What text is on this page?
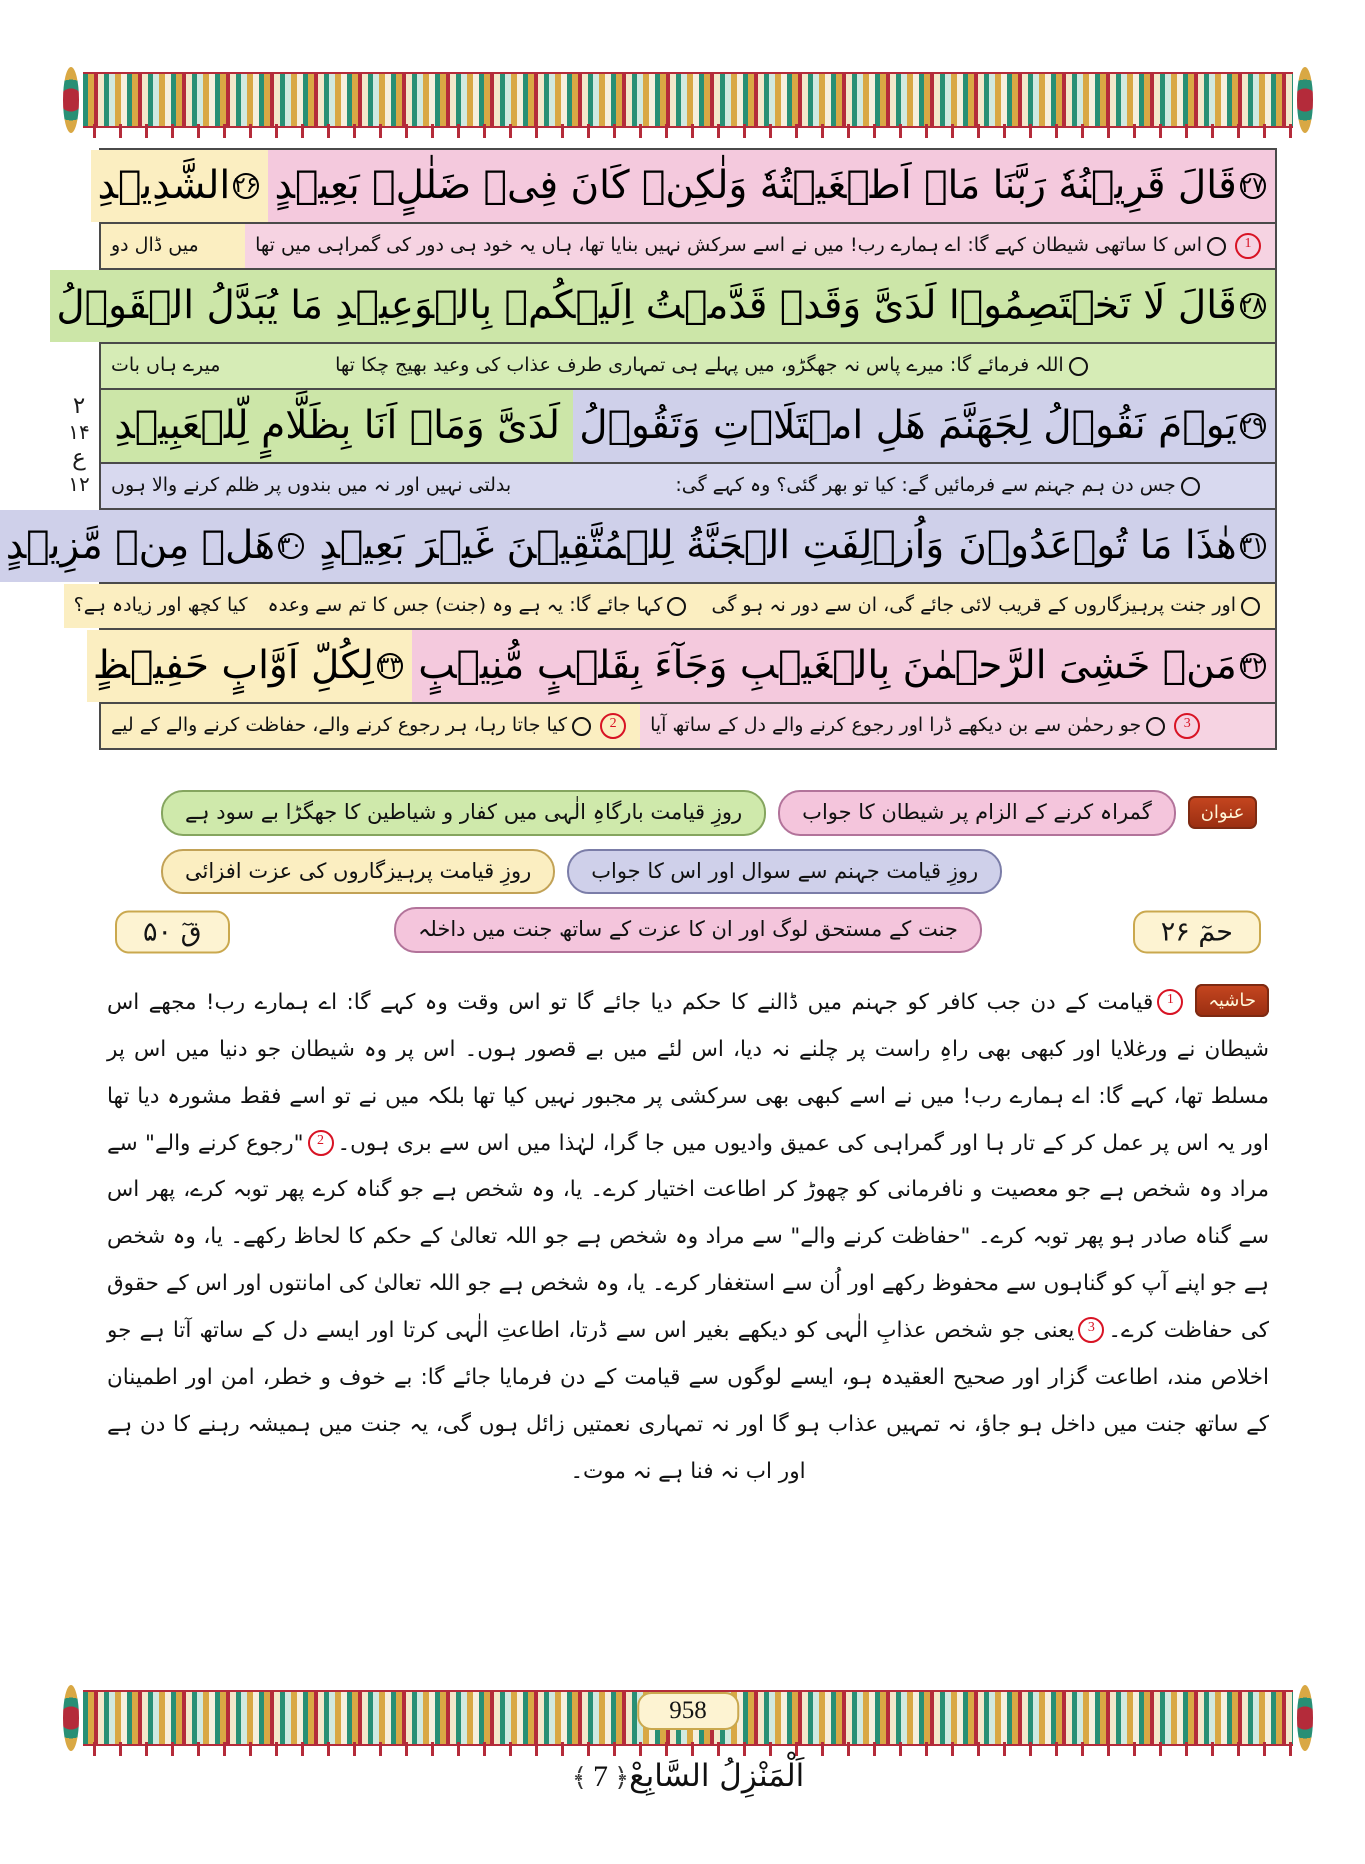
حمٓ ۲۶
قٓ ۵۰
۲
۱۴
ع
۱۲
۲۷
قَالَ قَرِيۡنُهٗ رَبَّنَا مَاۤ اَطۡغَيۡتُهٗ وَلٰكِنۡ كَانَ فِىۡ ضَلٰلٍۢ بَعِيۡدٍ
۲۶
الشَّدِيۡدِ
1
اس کا ساتھی شیطان کہے گا: اے ہمارے رب! میں نے اسے سرکش نہیں بنایا تھا، ہاں یہ خود ہی دور کی گمراہی میں تھا
میں ڈال دو
۲۸
قَالَ لَا تَخۡتَصِمُوۡا لَدَىَّ وَقَدۡ قَدَّمۡتُ اِلَيۡكُمۡ بِالۡوَعِيۡدِ
مَا يُبَدَّلُ الۡقَوۡلُ
اللہ فرمائے گا: میرے پاس نہ جھگڑو، میں پہلے ہی تمہاری طرف عذاب کی وعید بھیج چکا تھا
میرے ہاں بات
۲۹
يَوۡمَ نَقُوۡلُ لِجَهَنَّمَ هَلِ امۡتَلَاۡتِ وَتَقُوۡلُ
لَدَىَّ وَمَاۤ اَنَا بِظَلَّامٍ لِّلۡعَبِيۡدِ
جس دن ہم جہنم سے فرمائیں گے: کیا تو بھر گئی؟ وہ کہے گی:
بدلتی نہیں اور نہ میں بندوں پر ظلم کرنے والا ہوں
۳۱
هٰذَا مَا تُوۡعَدُوۡنَ
وَاُزۡلِفَتِ الۡجَنَّةُ لِلۡمُتَّقِيۡنَ غَيۡرَ بَعِيۡدٍ
۳۰
هَلۡ مِنۡ مَّزِيۡدٍ
اور جنت پرہیزگاروں کے قریب لائی جائے گی، ان سے دور نہ ہو گی
کہا جائے گا: یہ ہے وہ (جنت) جس کا تم سے وعدہ
کیا کچھ اور زیادہ ہے؟
۳۲
مَنۡ خَشِىَ الرَّحۡمٰنَ بِالۡغَيۡبِ وَجَآءَ بِقَلۡبٍ مُّنِيۡبٍ
۳۳
لِكُلِّ اَوَّابٍ حَفِيۡظٍ
3
جو رحمٰن سے بن دیکھے ڈرا اور رجوع کرنے والے دل کے ساتھ آیا
2
کیا جاتا رہا، ہر رجوع کرنے والے، حفاظت کرنے والے کے لیے
عنوان
گمراہ کرنے کے الزام پر شیطان کا جواب
روزِ قیامت بارگاہِ الٰہی میں کفار و شیاطین کا جھگڑا بے سود ہے
روزِ قیامت جہنم سے سوال اور اس کا جواب
روزِ قیامت پرہیزگاروں کی عزت افزائی
جنت کے مستحق لوگ اور ان کا عزت کے ساتھ جنت میں داخلہ
حاشیہ1قیامت کے دن جب کافر کو جہنم میں ڈالنے کا حکم دیا جائے گا تو اس وقت وہ کہے گا: اے ہمارے رب! مجھے اس شیطان نے ورغلایا اور کبھی بھی راہِ راست پر چلنے نہ دیا، اس لئے میں بے قصور ہوں۔ اس پر وہ شیطان جو دنیا میں اس پر مسلط تھا، کہے گا: اے ہمارے رب! میں نے اسے کبھی بھی سرکشی پر مجبور نہیں کیا تھا بلکہ میں نے تو اسے فقط مشورہ دیا تھا اور یہ اس پر عمل کر کے تار ہا اور گمراہی کی عمیق وادیوں میں جا گرا، لہٰذا میں اس سے بری ہوں۔2"رجوع کرنے والے" سے مراد وہ شخص ہے جو معصیت و نافرمانی کو چھوڑ کر اطاعت اختیار کرے۔ یا، وہ شخص ہے جو گناہ کرے پھر توبہ کرے، پھر اس سے گناہ صادر ہو پھر توبہ کرے۔ "حفاظت کرنے والے" سے مراد وہ شخص ہے جو اللہ تعالیٰ کے حکم کا لحاظ رکھے۔ یا، وہ شخص ہے جو اپنے آپ کو گناہوں سے محفوظ رکھے اور اُن سے استغفار کرے۔ یا، وہ شخص ہے جو اللہ تعالیٰ کی امانتوں اور اس کے حقوق کی حفاظت کرے۔3یعنی جو شخص عذابِ الٰہی کو دیکھے بغیر اس سے ڈرتا، اطاعتِ الٰہی کرتا اور ایسے دل کے ساتھ آتا ہے جو اخلاص مند، اطاعت گزار اور صحیح العقیدہ ہو، ایسے لوگوں سے قیامت کے دن فرمایا جائے گا: بے خوف و خطر، امن اور اطمینان کے ساتھ جنت میں داخل ہو جاؤ، نہ تمہیں عذاب ہو گا اور نہ تمہاری نعمتیں زائل ہوں گی، یہ جنت میں ہمیشہ رہنے کا دن ہے اور اب نہ فنا ہے نہ موت۔
958
اَلْمَنْزِلُ السَّابِعْ﴿7﴾
